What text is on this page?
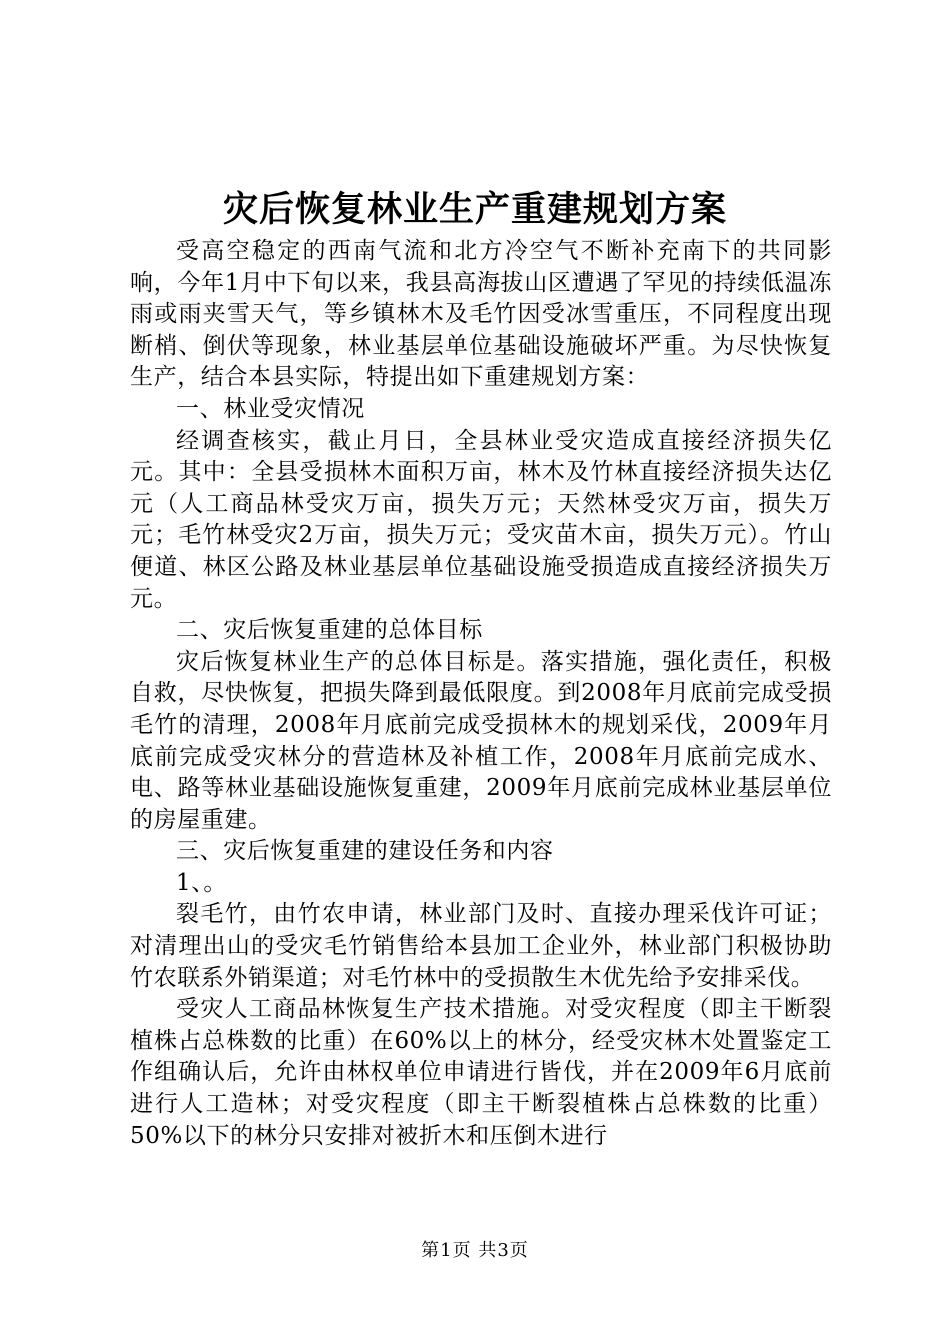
灾后恢复林业生产重建规划方案

受高空稳定的西南气流和北方冷空气不断补充南下的共同影响，今年1月中下旬以来，我县高海拔山区遭遇了罕见的持续低温冻雨或雨夹雪天气，等乡镇林木及毛竹因受冰雪重压，不同程度出现断梢、倒伏等现象，林业基层单位基础设施破坏严重。为尽快恢复生产，结合本县实际，特提出如下重建规划方案：

一、林业受灾情况

经调查核实，截止月日，全县林业受灾造成直接经济损失亿元。其中：全县受损林木面积万亩，林木及竹林直接经济损失达亿元（人工商品林受灾万亩，损失万元；天然林受灾万亩，损失万元；毛竹林受灾2万亩，损失万元；受灾苗木亩，损失万元）。竹山便道、林区公路及林业基层单位基础设施受损造成直接经济损失万元。

二、灾后恢复重建的总体目标

灾后恢复林业生产的总体目标是。落实措施，强化责任，积极自救，尽快恢复，把损失降到最低限度。到2008年月底前完成受损毛竹的清理，2008年月底前完成受损林木的规划采伐，2009年月底前完成受灾林分的营造林及补植工作，2008年月底前完成水、电、路等林业基础设施恢复重建，2009年月底前完成林业基层单位的房屋重建。

三、灾后恢复重建的建设任务和内容

1、。

裂毛竹，由竹农申请，林业部门及时、直接办理采伐许可证；对清理出山的受灾毛竹销售给本县加工企业外，林业部门积极协助竹农联系外销渠道；对毛竹林中的受损散生木优先给予安排采伐。

受灾人工商品林恢复生产技术措施。对受灾程度（即主干断裂植株占总株数的比重）在60%以上的林分，经受灾林木处置鉴定工作组确认后，允许由林权单位申请进行皆伐，并在2009年6月底前进行人工造林；对受灾程度（即主干断裂植株占总株数的比重）50%以下的林分只安排对被折木和压倒木进行

第1页 共3页
